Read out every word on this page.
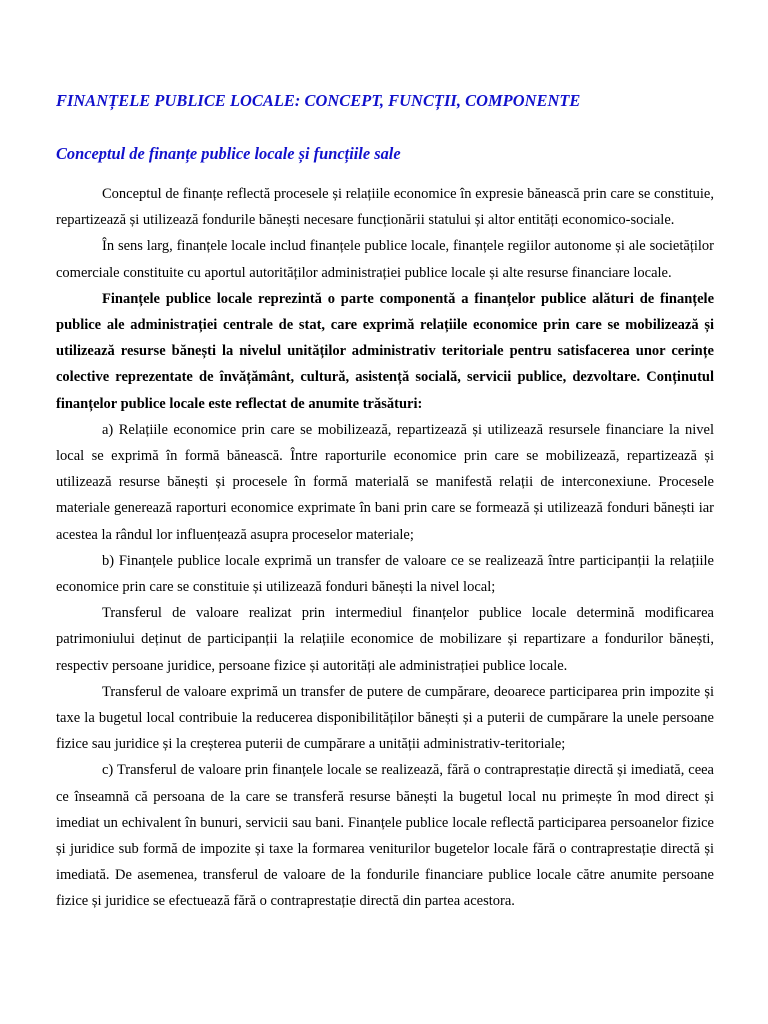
FINANȚELE PUBLICE LOCALE: CONCEPT, FUNCȚII, COMPONENTE
Conceptul de finanțe publice locale și funcțiile sale

Conceptul de finanțe reflectă procesele și relațiile economice în expresie bănească prin care se constituie, repartizează și utilizează fondurile bănești necesare funcționării statului și altor entități economico-sociale.

În sens larg, finanțele locale includ finanțele publice locale, finanțele regiilor autonome și ale societăților comerciale constituite cu aportul autorităților administrației publice locale și alte resurse financiare locale.

Finanțele publice locale reprezintă o parte componentă a finanțelor publice alături de finanțele publice ale administrației centrale de stat, care exprimă relațiile economice prin care se mobilizează și utilizează resurse bănești la nivelul unităților administrativ teritoriale pentru satisfacerea unor cerințe colective reprezentate de învățământ, cultură, asistență socială, servicii publice, dezvoltare. Conținutul finanțelor publice locale este reflectat de anumite trăsături:

a) Relațiile economice prin care se mobilizează, repartizează și utilizează resursele financiare la nivel local se exprimă în formă bănească. Între raporturile economice prin care se mobilizează, repartizează și utilizează resurse bănești și procesele în formă materială se manifestă relații de interconexiune. Procesele materiale generează raporturi economice exprimate în bani prin care se formează și utilizează fonduri bănești iar acestea la rândul lor influențează asupra proceselor materiale;

b) Finanțele publice locale exprimă un transfer de valoare ce se realizează între participanții la relațiile economice prin care se constituie și utilizează fonduri bănești la nivel local;

Transferul de valoare realizat prin intermediul finanțelor publice locale determină modificarea patrimoniului deținut de participanții la relațiile economice de mobilizare și repartizare a fondurilor bănești, respectiv persoane juridice, persoane fizice și autorități ale administrației publice locale.

Transferul de valoare exprimă un transfer de putere de cumpărare, deoarece participarea prin impozite și taxe la bugetul local contribuie la reducerea disponibilităților bănești și a puterii de cumpărare la unele persoane fizice sau juridice și la creșterea puterii de cumpărare a unității administrativ-teritoriale;

c) Transferul de valoare prin finanțele locale se realizează, fără o contraprestație directă și imediată, ceea ce înseamnă că persoana de la care se transferă resurse bănești la bugetul local nu primește în mod direct și imediat un echivalent în bunuri, servicii sau bani. Finanțele publice locale reflectă participarea persoanelor fizice și juridice sub formă de impozite și taxe la formarea veniturilor bugetelor locale fără o contraprestație directă și imediată. De asemenea, transferul de valoare de la fondurile financiare publice locale către anumite persoane fizice și juridice se efectuează fără o contraprestație directă din partea acestora.
